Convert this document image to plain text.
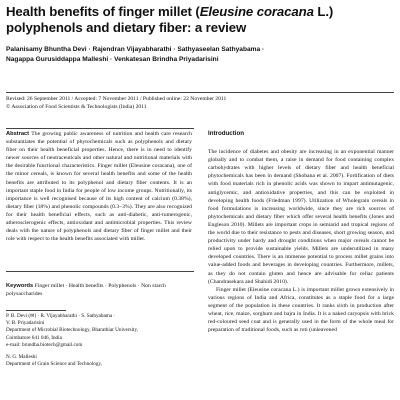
Health benefits of finger millet (Eleusine coracana L.)
polyphenols and dietary fiber: a review

Palanisamy Bhuntha Devi · Rajendran Vijayabharathi · Sathyaseelan Sathyabama ·
Nagappa Gurusiddappa Malleshi · Venkatesan Brindha Priyadarisini

Revised: 26 September 2011 / Accepted: 7 November 2011 / Published online: 22 November 2011
© Association of Food Scientists & Technologists (India) 2011

Abstract The growing public awareness of nutrition and health care research substantiates the potential of phytochemicals such as polyphenols and dietary fiber on their health beneficial properties. Hence, there is in need to identify newer sources of neutraceuticals and other natural and nutritional materials with the desirable functional characteristics. Finger millet (Eleusine coracana), one of the minor cereals, is known for several health benefits and some of the health benefits are attributed to its polyphenol and dietary fiber contents. It is an important staple food in India for people of low income groups. Nutritionally, its importance is well recognised because of its high content of calcium (0.38%), dietary fiber (18%) and phenolic compounds (0.3–3%). They are also recognized for their health beneficial effects, such as anti-diabetic, anti-tumerogenic, atherosclerogenic effects, antioxidant and antimicrobial properties. This review deals with the nature of polyphenols and dietary fiber of finger millet and their role with respect to the health benefits associated with millet.

Keywords Finger millet · Health benefits · Polyphenols · Non starch polysaccharides

P. B. Devi (✉) · R. Vijayabharathi · S. Sathyabama ·

V. B. Priyadarisini

Department of Microbial Biotechnology, Bharathiar University,

Coimbatore 641 046, India

e-mail: brundha.biotech@gmail.com

N. G. Malleshi

Department of Grain Science and Technology,

Introduction

The incidence of diabetes and obesity are increasing in an exponential manner globally and to combat them, a raise in demand for food containing complex carbohydrates with higher levels of dietary fiber and health beneficial phytochemicals has been in demand (Shobana et al. 2007). Fortification of diets with food materials rich in phenolic acids was shown to impart antimutagenic, antiglycemic, and antioxidative properties, and this can be exploited in developing health foods (Friedman 1997). Utilization of Wholegrain cereals in food formulations is increasing worldwide, since they are rich sources of phytochemicals and dietary fiber which offer several health benefits (Jones and Engleson 2010). Millets are important crops in semiarid and tropical regions of the world due to their resistance to pests and diseases, short growing season, and productivity under hardy and drought conditions when major cereals cannot be relied upon to provide sustainable yields. Millets are underutilized in many developed countries. There is an immense potential to process millet grains into value-added foods and beverages in developing countries. Furthermore, millets, as they do not contain gluten and hence are advisable for celiac patients (Chandrasekara and Shahidi 2010).

Finger millet (Eleusine coracana L.) is important millet grown extensively in various regions of India and Africa, constitutes as a staple food for a large segment of the population in these countries. It ranks sixth in production after wheat, rice, maize, sorghum and bajra in India. It is a naked caryopsis with brick red-coloured seed coat and is generally used in the form of the whole meal for preparation of traditional foods, such as roti (unleavened
